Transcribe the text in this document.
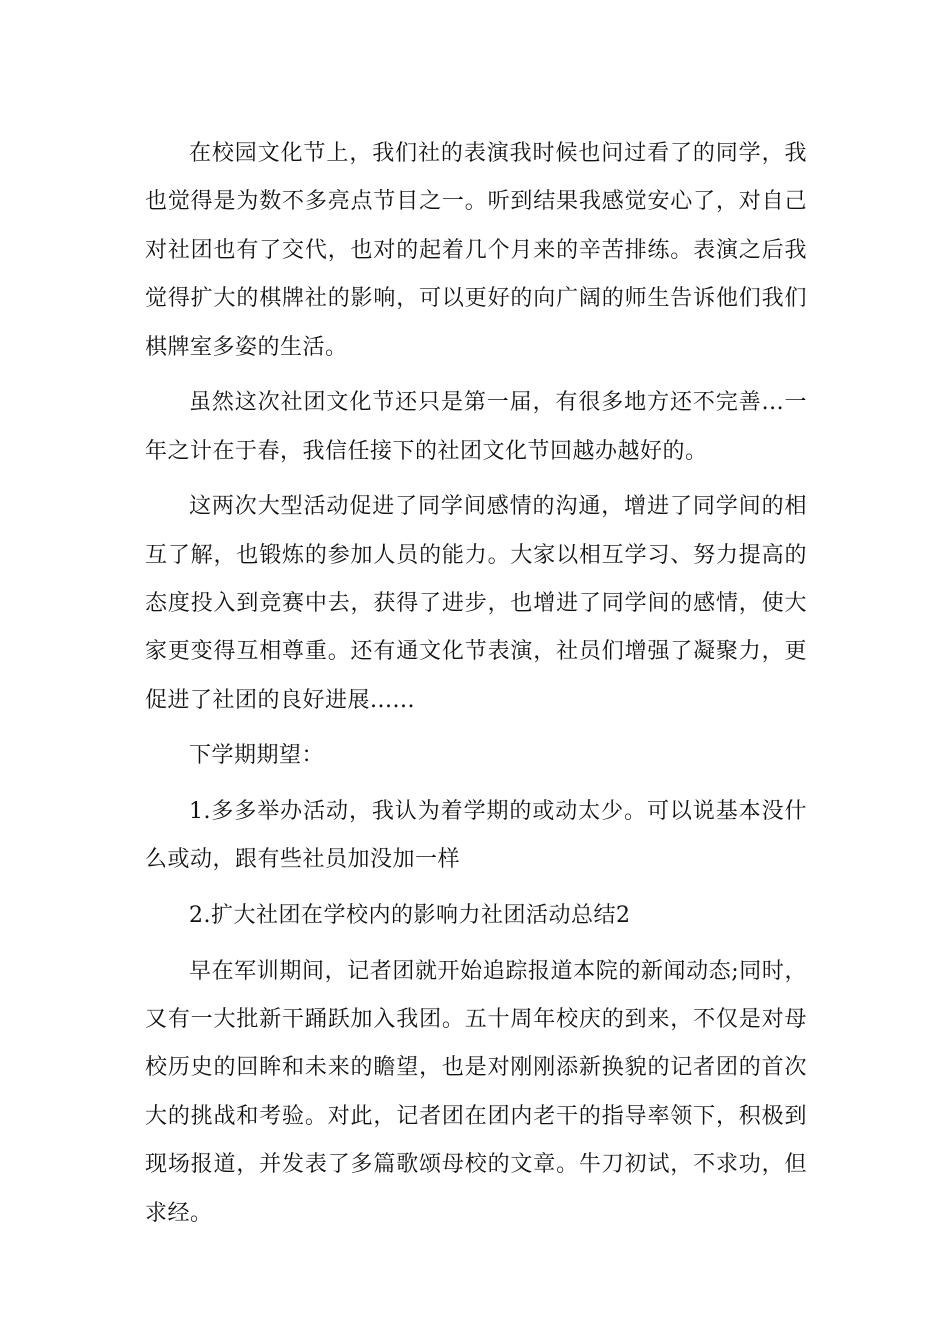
在校园文化节上，我们社的表演我时候也问过看了的同学，我也觉得是为数不多亮点节目之一。听到结果我感觉安心了，对自己对社团也有了交代，也对的起着几个月来的辛苦排练。表演之后我觉得扩大的棋牌社的影响，可以更好的向广阔的师生告诉他们我们棋牌室多姿的生活。

虽然这次社团文化节还只是第一届，有很多地方还不完善...一年之计在于春，我信任接下的社团文化节回越办越好的。

这两次大型活动促进了同学间感情的沟通，增进了同学间的相互了解，也锻炼的参加人员的能力。大家以相互学习、努力提高的态度投入到竞赛中去，获得了进步，也增进了同学间的感情，使大家更变得互相尊重。还有通文化节表演，社员们增强了凝聚力，更促进了社团的良好进展......

下学期期望：

1.多多举办活动，我认为着学期的或动太少。可以说基本没什么或动，跟有些社员加没加一样

2.扩大社团在学校内的影响力社团活动总结2

早在军训期间，记者团就开始追踪报道本院的新闻动态;同时，又有一大批新干踊跃加入我团。五十周年校庆的到来，不仅是对母校历史的回眸和未来的瞻望，也是对刚刚添新换貌的记者团的首次大的挑战和考验。对此，记者团在团内老干的指导率领下，积极到现场报道，并发表了多篇歌颂母校的文章。牛刀初试，不求功，但求经。
